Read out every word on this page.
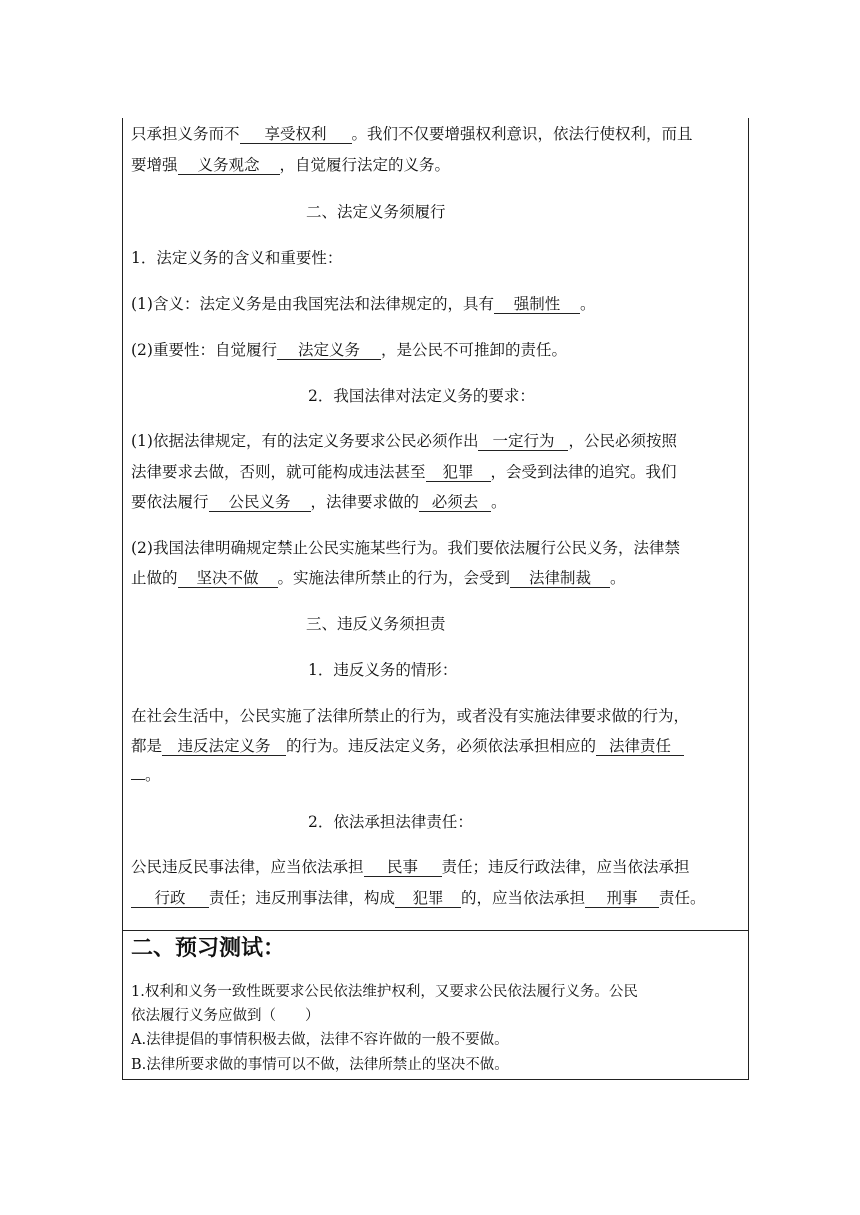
只承担义务而不 享受权利 。我们不仅要增强权利意识，依法行使权利，而且
要增强 义务观念 ，自觉履行法定的义务。
二、法定义务须履行
1．法定义务的含义和重要性：
(1)含义：法定义务是由我国宪法和法律规定的，具有 强制性 。
(2)重要性：自觉履行 法定义务 ，是公民不可推卸的责任。
2．我国法律对法定义务的要求：
(1)依据法律规定，有的法定义务要求公民必须作出 一定行为 ，公民必须按照
法律要求去做，否则，就可能构成违法甚至 犯罪 ，会受到法律的追究。我们
要依法履行 公民义务 ，法律要求做的 必须去 。
(2)我国法律明确规定禁止公民实施某些行为。我们要依法履行公民义务，法律禁
止做的 坚决不做 。实施法律所禁止的行为，会受到 法律制裁 。
三、违反义务须担责
1．违反义务的情形：
在社会生活中，公民实施了法律所禁止的行为，或者没有实施法律要求做的行为，
都是 违反法定义务 的行为。违反法定义务，必须依法承担相应的 法律责任
。
2．依法承担法律责任：
公民违反民事法律，应当依法承担 民事 责任；违反行政法律，应当依法承担
行政 责任；违反刑事法律，构成 犯罪 的，应当依法承担 刑事 责任。
二、预习测试：
1.权利和义务一致性既要求公民依法维护权利，又要求公民依法履行义务。公民
依法履行义务应做到（　　）
A.法律提倡的事情积极去做，法律不容许做的一般不要做。
B.法律所要求做的事情可以不做，法律所禁止的坚决不做。
